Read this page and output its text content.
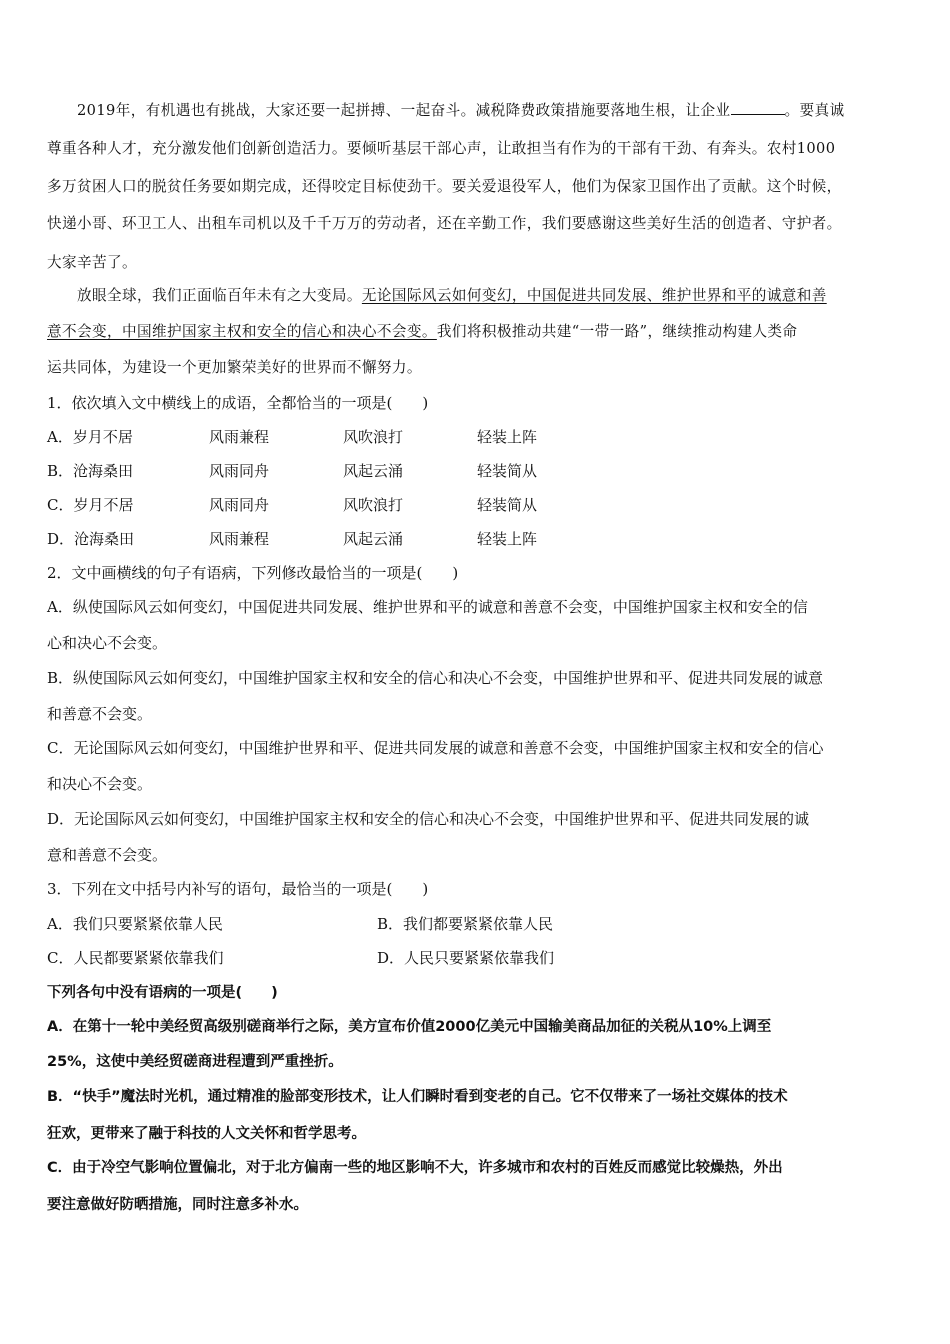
2019年，有机遇也有挑战，大家还要一起拼搏、一起奋斗。减税降费政策措施要落地生根，让企业	。要真诚
尊重各种人才，充分激发他们创新创造活力。要倾听基层干部心声，让敢担当有作为的干部有干劲、有奔头。农村1000
多万贫困人口的脱贫任务要如期完成，还得咬定目标使劲干。要关爱退役军人，他们为保家卫国作出了贡献。这个时候，
快递小哥、环卫工人、出租车司机以及千千万万的劳动者，还在辛勤工作，我们要感谢这些美好生活的创造者、守护者。
大家辛苦了。
放眼全球，我们正面临百年未有之大变局。无论国际风云如何变幻，中国促进共同发展、维护世界和平的诚意和善
意不会变，中国维护国家主权和安全的信心和决心不会变。我们将积极推动共建“一带一路”，继续推动构建人类命
运共同体，为建设一个更加繁荣美好的世界而不懈努力。
1．依次填入文中横线上的成语，全都恰当的一项是(　　)
A．岁月不居	风雨兼程	风吹浪打	轻装上阵
B．沧海桑田	风雨同舟	风起云涌	轻装简从
C．岁月不居	风雨同舟	风吹浪打	轻装简从
D．沧海桑田	风雨兼程	风起云涌	轻装上阵
2．文中画横线的句子有语病，下列修改最恰当的一项是(　　)
A．纵使国际风云如何变幻，中国促进共同发展、维护世界和平的诚意和善意不会变，中国维护国家主权和安全的信
心和决心不会变。
B．纵使国际风云如何变幻，中国维护国家主权和安全的信心和决心不会变，中国维护世界和平、促进共同发展的诚意
和善意不会变。
C．无论国际风云如何变幻，中国维护世界和平、促进共同发展的诚意和善意不会变，中国维护国家主权和安全的信心
和决心不会变。
D．无论国际风云如何变幻，中国维护国家主权和安全的信心和决心不会变，中国维护世界和平、促进共同发展的诚
意和善意不会变。
3．下列在文中括号内补写的语句，最恰当的一项是(　　)
A．我们只要紧紧依靠人民	B．我们都要紧紧依靠人民
C．人民都要紧紧依靠我们	D．人民只要紧紧依靠我们
下列各句中没有语病的一项是(　　)
A．在第十一轮中美经贸高级别磋商举行之际，美方宣布价值2000亿美元中国输美商品加征的关税从10%上调至
25%，这使中美经贸磋商进程遭到严重挫折。
B．“快手”魔法时光机，通过精准的脸部变形技术，让人们瞬时看到变老的自己。它不仅带来了一场社交媒体的技术
狂欢，更带来了融于科技的人文关怀和哲学思考。
C．由于冷空气影响位置偏北，对于北方偏南一些的地区影响不大，许多城市和农村的百姓反而感觉比较燥热，外出
要注意做好防晒措施，同时注意多补水。
